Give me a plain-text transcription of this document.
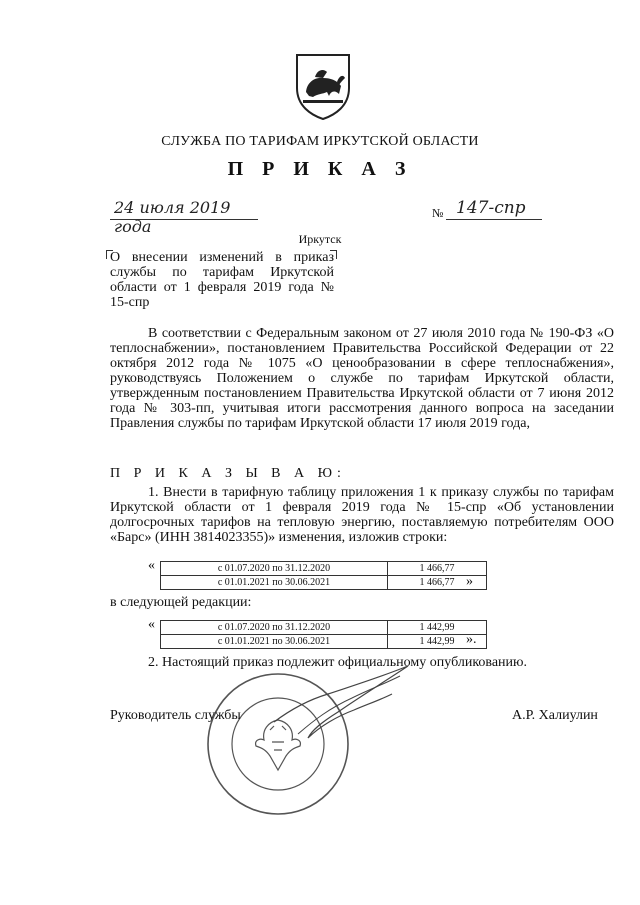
СЛУЖБА ПО ТАРИФАМ ИРКУТСКОЙ ОБЛАСТИ
П Р И К А З
24 июля 2019 года
№ 147-спр
Иркутск
О внесении изменений в приказ службы по тарифам Иркутской области от 1 февраля 2019 года № 15-спр
В соответствии с Федеральным законом от 27 июля 2010 года № 190-ФЗ «О теплоснабжении», постановлением Правительства Российской Федерации от 22 октября 2012 года № 1075 «О ценообразовании в сфере теплоснабжения», руководствуясь Положением о службе по тарифам Иркутской области, утвержденным постановлением Правительства Иркутской области от 7 июня 2012 года № 303-пп, учитывая итоги рассмотрения данного вопроса на заседании Правления службы по тарифам Иркутской области 17 июля 2019 года,
П Р И К А З Ы В А Ю:
1. Внести в тарифную таблицу приложения 1 к приказу службы по тарифам Иркутской области от 1 февраля 2019 года № 15-спр «Об установлении долгосрочных тарифов на тепловую энергию, поставляемую потребителям ООО «Барс» (ИНН 3814023355)» изменения, изложив строки:
«	с 01.07.2020 по 31.12.2020	1 466,77
с 01.01.2021 по 30.06.2021	1 466,77 »
в следующей редакции:
«	с 01.07.2020 по 31.12.2020	1 442,99
с 01.01.2021 по 30.06.2021	1 442,99 ».
2. Настоящий приказ подлежит официальному опубликованию.
Руководитель службы	А.Р. Халиулин
